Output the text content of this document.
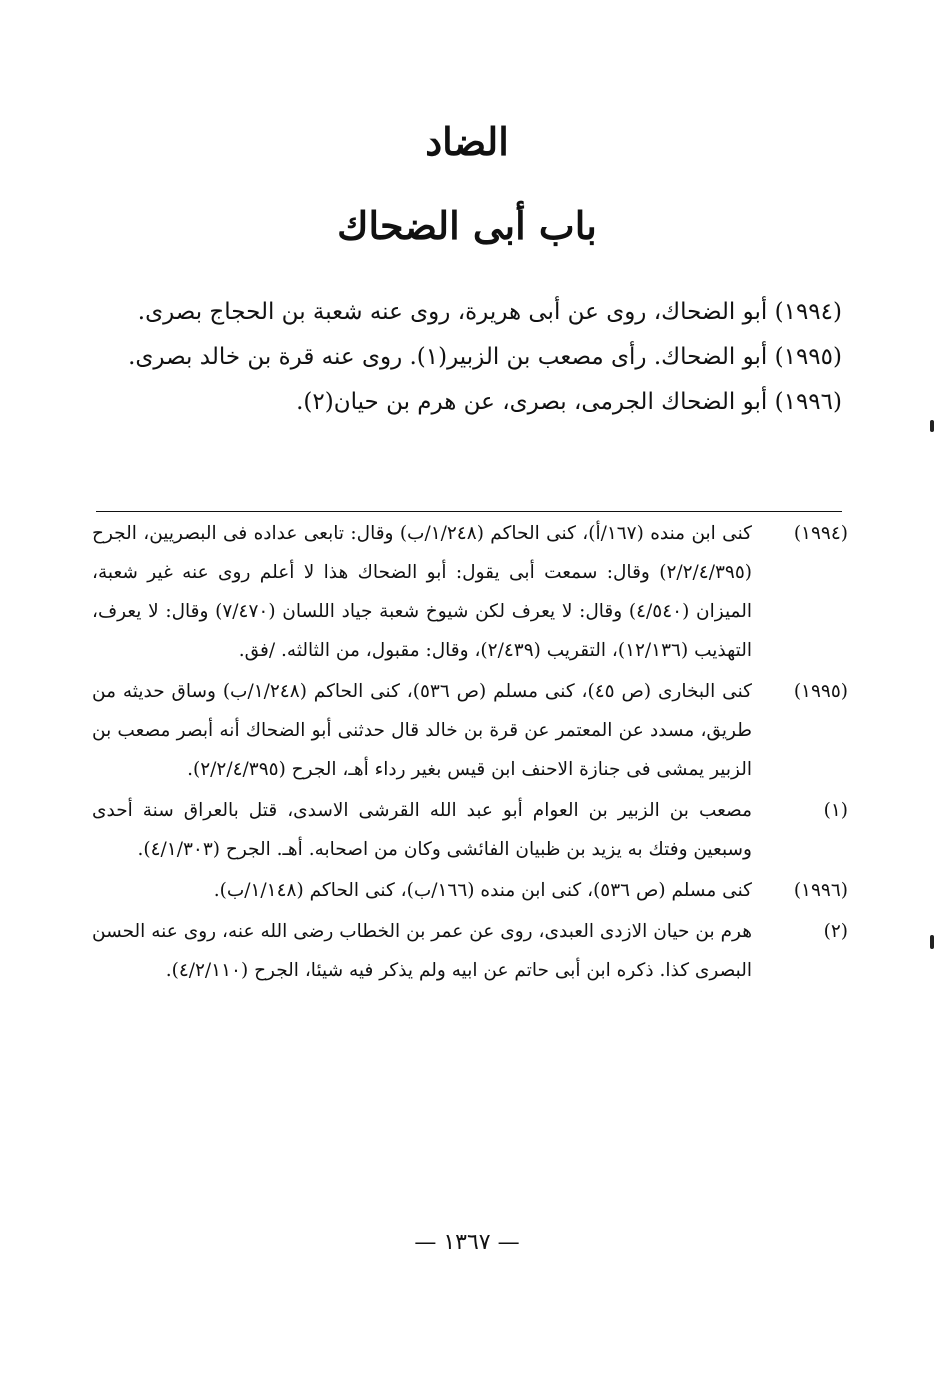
الضاد
باب أبى الضحاك

(١٩٩٤) أبو الضحاك، روى عن أبى هريرة، روى عنه شعبة بن الحجاج بصرى.

(١٩٩٥) أبو الضحاك. رأى مصعب بن الزبير(١). روى عنه قرة بن خالد بصرى.

(١٩٩٦) أبو الضحاك الجرمى، بصرى، عن هرم بن حيان(٢).

(١٩٩٤)
كنى ابن منده (١٦٧/أ)، كنى الحاكم (١/٢٤٨/ب) وقال: تابعى عداده فى البصريين، الجرح (٢/٢/٤/٣٩٥) وقال: سمعت أبى يقول: أبو الضحاك هذا لا أعلم روى عنه غير شعبة، الميزان (٤/٥٤٠) وقال: لا يعرف لكن شيوخ شعبة جياد اللسان (٧/٤٧٠) وقال: لا يعرف، التهذيب (١٢/١٣٦)، التقريب (٢/٤٣٩)، وقال: مقبول، من الثالثه. /فق.
(١٩٩٥)
كنى البخارى (ص ٤٥)، كنى مسلم (ص ٥٣٦)، كنى الحاكم (١/٢٤٨/ب) وساق حديثه من طريق، مسدد عن المعتمر عن قرة بن خالد قال حدثنى أبو الضحاك أنه أبصر مصعب بن الزبير يمشى فى جنازة الاحنف ابن قيس بغير رداء أهـ، الجرح (٢/٢/٤/٣٩٥).
(١)
مصعب بن الزبير بن العوام أبو عبد الله القرشى الاسدى، قتل بالعراق سنة أحدى وسبعين وفتك به يزيد بن ظبيان الفائشى وكان من اصحابه. أهـ. الجرح (٤/١/٣٠٣).
(١٩٩٦)
كنى مسلم (ص ٥٣٦)، كنى ابن منده (١٦٦/ب)، كنى الحاكم (١/١٤٨/ب).
(٢)
هرم بن حيان الازدى العبدى، روى عن عمر بن الخطاب رضى الله عنه، روى عنه الحسن البصرى كذا. ذكره ابن أبى حاتم عن ابيه ولم يذكر فيه شيئا، الجرح (٤/٢/١١٠).
— ١٣٦٧ —
